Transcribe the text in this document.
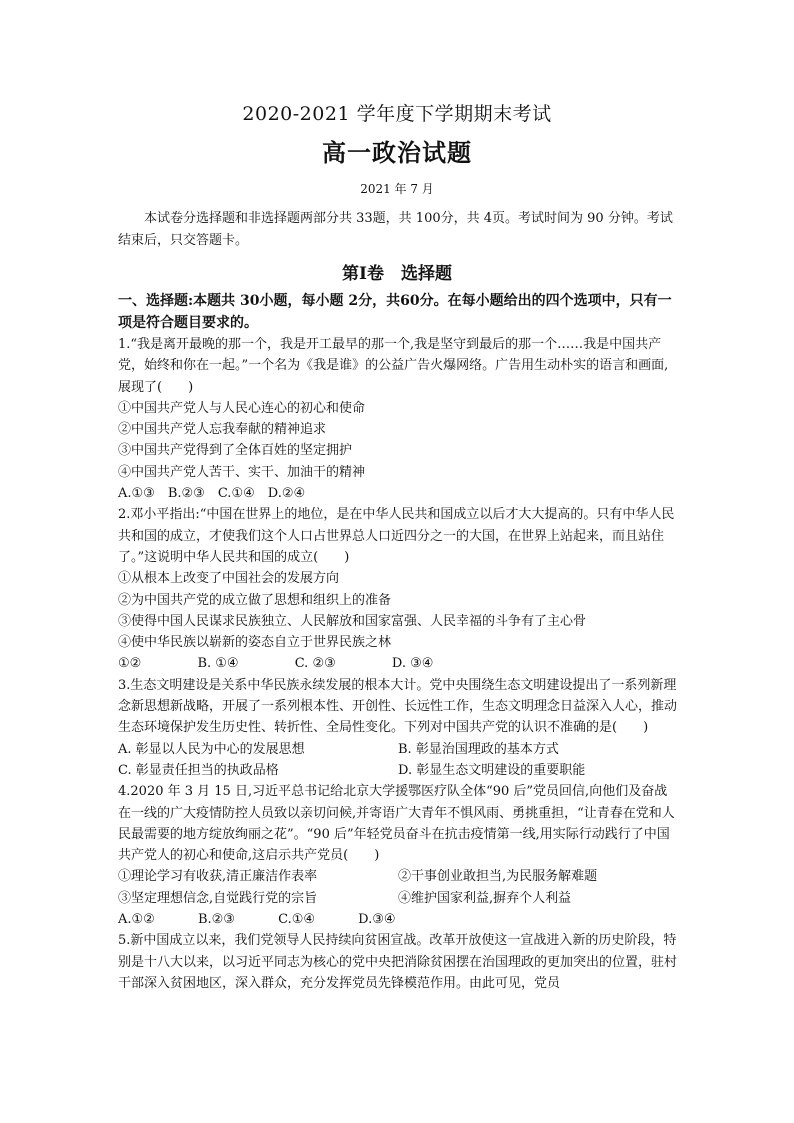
2020-2021 学年度下学期期末考试
高一政治试题
2021 年 7 月
本试卷分选择题和非选择题两部分共 33题，共 100分，共 4页。考试时间为 90 分钟。考试结束后，只交答题卡。
第Ⅰ卷　选择题

一、选择题:本题共 30小题，每小题 2分，共60分。在每小题给出的四个选项中，只有一项是符合题目要求的。

1.“我是离开最晚的那一个，我是开工最早的那一个,我是坚守到最后的那一个……我是中国共产党，始终和你在一起。”一个名为《我是谁》的公益广告火爆网络。广告用生动朴实的语言和画面,展现了(　　)

①中国共产党人与人民心连心的初心和使命

②中国共产党人忘我奉献的精神追求

③中国共产党得到了全体百姓的坚定拥护

④中国共产党人苦干、实干、加油干的精神

A.①③　B.②③　C.①④　D.②④

2.邓小平指出:“中国在世界上的地位，是在中华人民共和国成立以后才大大提高的。只有中华人民共和国的成立，才使我们这个人口占世界总人口近四分之一的大国，在世界上站起来，而且站住了。”这说明中华人民共和国的成立(　　)

①从根本上改变了中国社会的发展方向

②为中国共产党的成立做了思想和组织上的准备

③使得中国人民谋求民族独立、人民解放和国家富强、人民幸福的斗争有了主心骨

④使中华民族以崭新的姿态自立于世界民族之林

①②　　　　 B. ①④　　　　 C. ②③　　　　 D. ③④

3.生态文明建设是关系中华民族永续发展的根本大计。党中央围绕生态文明建设提出了一系列新理念新思想新战略，开展了一系列根本性、开创性、长远性工作，生态文明理念日益深入人心，推动生态环境保护发生历史性、转折性、全局性变化。下列对中国共产党的认识不准确的是(　　)

A. 彰显以人民为中心的发展思想	B. 彰显治国理政的基本方式
C. 彰显责任担当的执政品格	D. 彰显生态文明建设的重要职能

4.2020 年 3 月 15 日,习近平总书记给北京大学援鄂医疗队全体“90 后”党员回信,向他们及奋战在一线的广大疫情防控人员致以亲切问候,并寄语广大青年不惧风雨、勇挑重担，“让青春在党和人民最需要的地方绽放绚丽之花”。“90 后”年轻党员奋斗在抗击疫情第一线,用实际行动践行了中国共产党人的初心和使命,这启示共产党员(　　)

①理论学习有收获,清正廉洁作表率	②干事创业敢担当,为民服务解难题
③坚定理想信念,自觉践行党的宗旨	④维护国家利益,摒弃个人利益

A.①②　　　 B.②③　　　 C.①④　　　 D.③④

5.新中国成立以来，我们党领导人民持续向贫困宣战。改革开放使这一宣战进入新的历史阶段，特别是十八大以来，以习近平同志为核心的党中央把消除贫困摆在治国理政的更加突出的位置，驻村干部深入贫困地区，深入群众，充分发挥党员先锋模范作用。由此可见，党员
